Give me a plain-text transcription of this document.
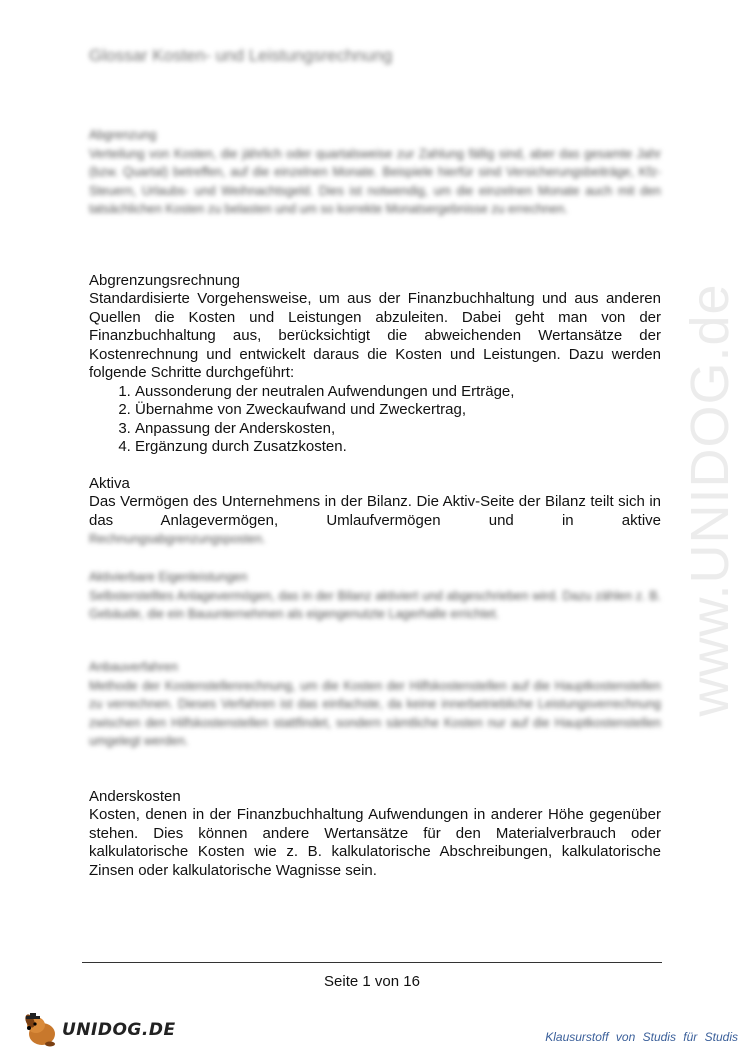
www.UNIDOG.de
Glossar Kosten- und Leistungsrechnung

Abgrenzung

Verteilung von Kosten, die jährlich oder quartalsweise zur Zahlung fällig sind, aber das gesamte Jahr (bzw. Quartal) betreffen, auf die einzelnen Monate. Beispiele hierfür sind Versicherungsbeiträge, Kfz-Steuern, Urlaubs- und Weihnachtsgeld. Dies ist notwendig, um die einzelnen Monate auch mit den tatsächlichen Kosten zu belasten und um so korrekte Monatsergebnisse zu errechnen.

Abgrenzungsrechnung

Standardisierte Vorgehensweise, um aus der Finanzbuchhaltung und aus anderen Quellen die Kosten und Leistungen abzuleiten. Dabei geht man von der Finanzbuchhaltung aus, berücksichtigt die abweichenden Wertansätze der Kostenrechnung und entwickelt daraus die Kosten und Leistungen. Dazu werden folgende Schritte durchgeführt:

1. Aussonderung der neutralen Aufwendungen und Erträge,
2. Übernahme von Zweckaufwand und Zweckertrag,
3. Anpassung der Anderskosten,
4. Ergänzung durch Zusatzkosten.

Aktiva

Das Vermögen des Unternehmens in der Bilanz. Die Aktiv-Seite der Bilanz teilt sich in das Anlagevermögen, Umlaufvermögen und in aktive

Rechnungsabgrenzungsposten.

Aktivierbare Eigenleistungen

Selbsterstelltes Anlagevermögen, das in der Bilanz aktiviert und abgeschrieben wird. Dazu zählen z. B. Gebäude, die ein Bauunternehmen als eigengenutzte Lagerhalle errichtet.

Anbauverfahren

Methode der Kostenstellenrechnung, um die Kosten der Hilfskostenstellen auf die Hauptkostenstellen zu verrechnen. Dieses Verfahren ist das einfachste, da keine innerbetriebliche Leistungsverrechnung zwischen den Hilfskostenstellen stattfindet, sondern sämtliche Kosten nur auf die Hauptkostenstellen umgelegt werden.

Anderskosten

Kosten, denen in der Finanzbuchhaltung Aufwendungen in anderer Höhe gegenüber stehen. Dies können andere Wertansätze für den Materialverbrauch oder kalkulatorische Kosten wie z. B. kalkulatorische Abschreibungen, kalkulatorische Zinsen oder kalkulatorische Wagnisse sein.

Seite 1 von 16
UNIDOG.DE	Klausurstoff von Studis für Studis
